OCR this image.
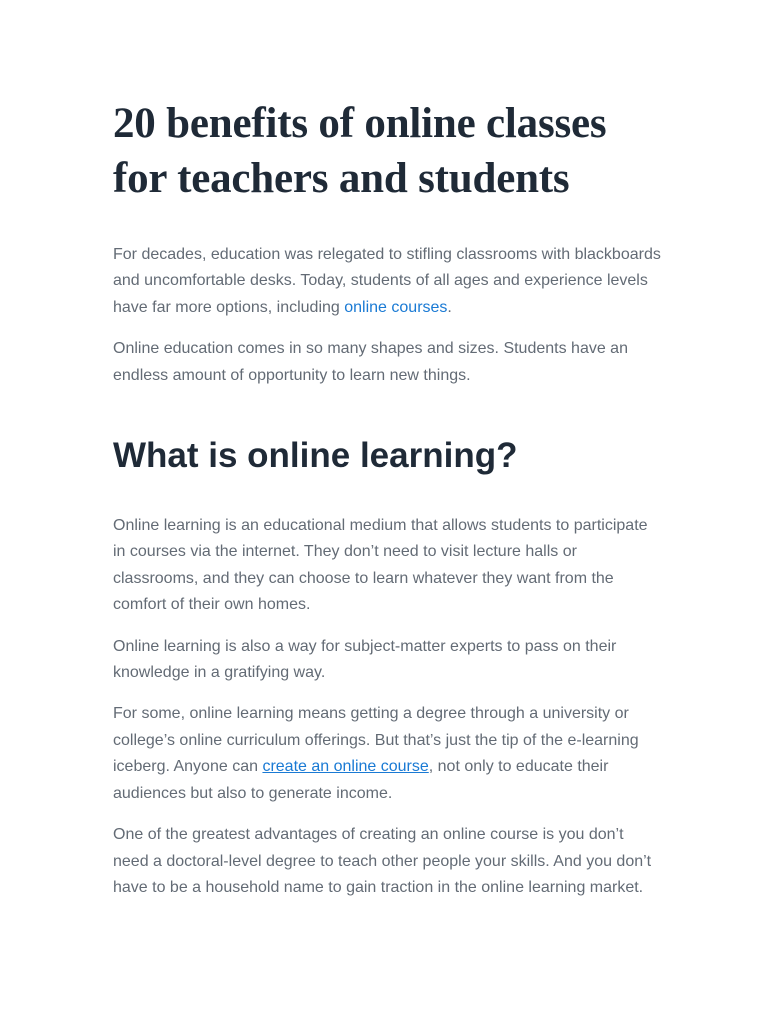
20 benefits of online classes for teachers and students

For decades, education was relegated to stifling classrooms with blackboards and uncomfortable desks. Today, students of all ages and experience levels have far more options, including online courses.

Online education comes in so many shapes and sizes. Students have an endless amount of opportunity to learn new things.

What is online learning?

Online learning is an educational medium that allows students to participate in courses via the internet. They don’t need to visit lecture halls or classrooms, and they can choose to learn whatever they want from the comfort of their own homes.

Online learning is also a way for subject-matter experts to pass on their knowledge in a gratifying way.

For some, online learning means getting a degree through a university or college’s online curriculum offerings. But that’s just the tip of the e-learning iceberg. Anyone can create an online course, not only to educate their audiences but also to generate income.

One of the greatest advantages of creating an online course is you don’t need a doctoral-level degree to teach other people your skills. And you don’t have to be a household name to gain traction in the online learning market.
